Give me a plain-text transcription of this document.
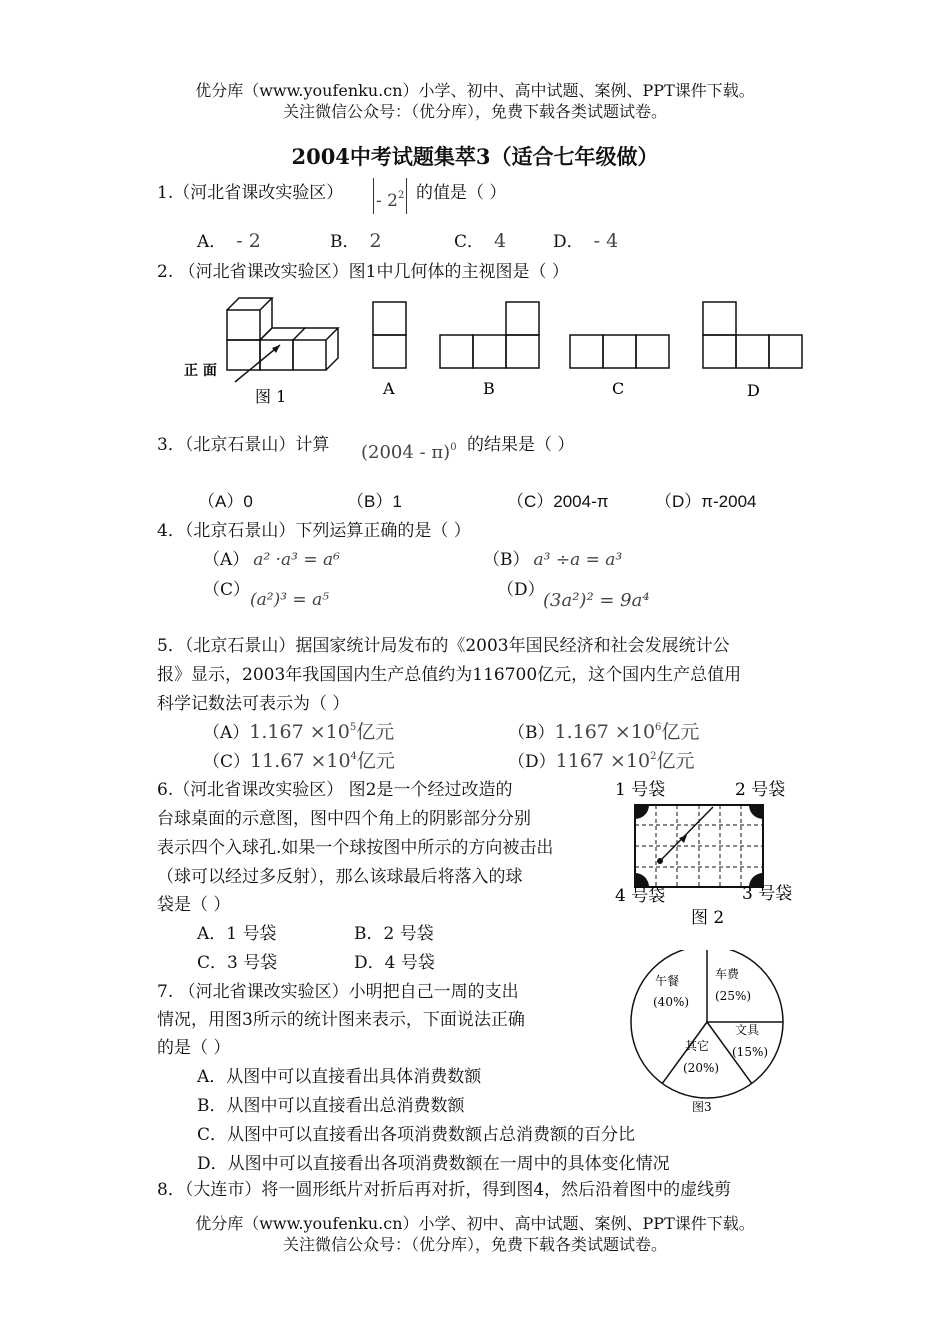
优分库（www.youfenku.cn）小学、初中、高中试题、案例、PPT课件下载。
关注微信公众号：（优分库），免费下载各类试题试卷。
2004中考试题集萃3（适合七年级做）
1.（河北省课改实验区） - $2^2$ 的值是（ ）
A． - 2	B． 2	C． 4	D． - 4
2. （河北省课改实验区）图1中几何体的主视图是（ ）
正 面
图 1	A	B	C	D
3．（北京石景山）计算 (2004 - π)$^0$ 的结果是（ ）
（A）0	（B）1	（C）2004-π	（D）π-2004
4．（北京石景山）下列运算正确的是（ ）
（A） a² ·a³ = a⁶	（B） a³ ÷a = a³
（C） (a²)³ = a⁵	（D）
(3a²)² = 9a⁴
5．（北京石景山）据国家统计局发布的《2003年国民经济和社会发展统计公
报》显示，2003年我国国内生产总值约为116700亿元，这个国内生产总值用
科学记数法可表示为（ ）
$(A)1.167 \times 10^5$亿元	$(B)1.167 \times 10^6$亿元
$(C)11.67 \times 10^4$亿元	$(D)1167 \times 10^2$亿元
6.（河北省课改实验区） 图2是一个经过改造的
台球桌面的示意图，图中四个角上的阴影部分分别
表示四个入球孔.如果一个球按图中所示的方向被击出
（球可以经过多反射），那么该球最后将落入的球
袋是（ ）
A．1 号袋	B．2 号袋
C．3 号袋	D．4 号袋
1 号袋	2 号袋
4 号袋	3 号袋
图 2
7. （河北省课改实验区）小明把自己一周的支出
情况，用图3所示的统计图来表示，下面说法正确
的是（ ）
A．从图中可以直接看出具体消费数额
B．从图中可以直接看出总消费数额
C．从图中可以直接看出各项消费数额占总消费额的百分比
D．从图中可以直接看出各项消费数额在一周中的具体变化情况
午餐
(40%)
车费
(25%)
文具
(15%)
其它
(20%)
图3
8．（大连市）将一圆形纸片对折后再对折，得到图4，然后沿着图中的虚线剪
优分库（www.youfenku.cn）小学、初中、高中试题、案例、PPT课件下载。
关注微信公众号：（优分库），免费下载各类试题试卷。
